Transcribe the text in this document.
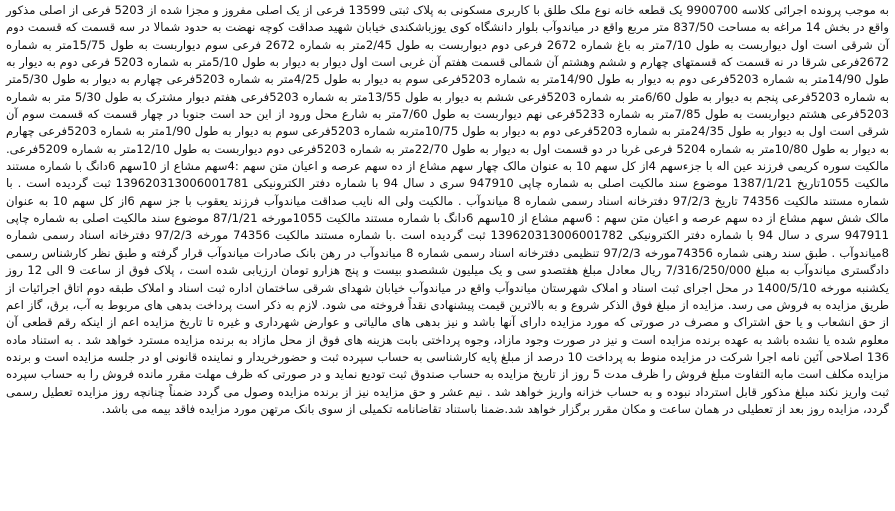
به موجب پرونده اجرائی کلاسه 9900700 یک قطعه خانه نوع ملک طلق با کاربری مسکونی به پلاک ثبتی 13599 فرعی از یک اصلی مفروز و مجزا شده از 5203 فرعی از اصلی مذکور واقع در بخش 14 مراغه به مساحت 837/50 متر مربع واقع در میاندوآب بلوار دانشگاه کوی یوزباشکندی خیابان شهید صداقت کوچه نهضت به حدود شمالا در سه قسمت که قسمت دوم آن شرقی است اول دیواربست به طول 7/10متر به باغ شماره 2672 فرعی دوم دیواربست به طول 2/45متر به شماره 2672 فرعی سوم دیواربست به طول 15/75متر به شماره 2672فرعی شرقا در نه قسمت که قسمتهای چهارم و ششم وهشتم آن شمالی قسمت هفتم آن غربی است اول دیوار به دیوار به طول 5/10متر به شماره 5203 فرعی دوم به دیوار به طول 14/90متر به شماره 5203فرعی دوم به دیوار به طول 14/90متر به شماره 5203فرعی سوم به دیوار به طول 4/25متر به شماره 5203فرعی چهارم به دیوار به طول 5/30متر به شماره 5203فرعی پنجم به دیوار به طول 6/60متر به شماره 5203فرعی ششم به دیوار به طول 13/55متر به شماره 5203فرعی هفتم دیوار مشترک به طول 5/30 متر به شماره 5203فرعی هشتم دیواربست به طول 7/85متر به شماره 5233فرعی نهم دیواربست به طول 7/60متر به شارع محل ورود از این حد است جنوبا در چهار قسمت که قسمت سوم آن شرقی است اول به دیوار به طول 24/35متر به شماره 5203فرعی دوم به دیوار به طول 10/75متربه شماره 5203فرعی سوم به دیوار به طول 1/90متر به شماره 5203فرعی چهارم به دیوار به طول 10/80متر به شماره 5204 فرعی غربا در دو قسمت اول به دیوار به طول 22/70متر به شماره 5203فرعی دوم دیواربست به طول 12/10متر به شماره 5209فرعی. مالکیت سوره کریمی فرزند عین اله با جزءسهم 4از کل سهم 10 به عنوان مالک چهار سهم مشاع از ده سهم عرصه و اعیان متن سهم :4سهم مشاع از 10سهم 6دانگ با شماره مستند مالکیت 1055تاریخ 1387/1/21 موضوع سند مالکیت اصلی به شماره چاپی 947910 سری د سال 94 با شماره دفتر الکترونیکی 139620313006001781 ثبت گردیده است . با شماره مستند مالکیت 74356 تاریخ 97/2/3 دفترخانه اسناد رسمی شماره 8 میاندوآب . مالکیت ولی اله نایب صداقت میاندوآب فرزند یعقوب با جز سهم 6از کل سهم 10 به عنوان مالک شش سهم مشاع از ده سهم عرصه و اعیان متن سهم : 6سهم مشاع از 10سهم 6دانگ با شماره مستند مالکیت 1055مورخه 87/1/21 موضوع سند مالکیت اصلی به شماره چاپی 947911 سری د سال 94 با شماره دفتر الکترونیکی 139620313006001782 ثبت گردیده است .با شماره مستند مالکیت 74356 مورخه 97/2/3 دفترخانه اسناد رسمی شماره 8میاندوآب . طبق سند رهنی شماره 74356مورخه 97/2/3 تنظیمی دفترخانه اسناد رسمی شماره 8 میاندوآب در رهن بانک صادرات میاندوآب قرار گرفته و طبق نظر کارشناس رسمی دادگستری میاندوآب به مبلغ 7/316/250/000 ریال معادل مبلغ هفتصدو سی و یک میلیون ششصدو بیست و پنج هزارو تومان ارزیابی شده است ، پلاک فوق از ساعت 9 الی 12 روز یکشنبه مورخه 1400/5/10 در محل اجرای ثبت اسناد و املاک شهرستان میاندوآب واقع در میاندوآب خیابان شهدای شرقی ساختمان اداره ثبت اسناد و املاک طبقه دوم اتاق اجرائیات از طریق مزایده به فروش می رسد. مزایده از مبلغ فوق الذکر شروع و به بالاترین قیمت پیشنهادی نقداً فروخته می شود. لازم به ذکر است پرداخت بدهی های مربوط به آب، برق، گاز اعم از حق انشعاب و یا حق اشتراک و مصرف در صورتی که مورد مزایده دارای آنها باشد و نیز بدهی های مالیاتی و عوارض شهرداری و غیره تا تاریخ مزایده اعم از اینکه رقم قطعی آن معلوم شده یا نشده باشد به عهده برنده مزایده است و نیز در صورت وجود مازاد، وجوه پرداختی بابت هزینه های فوق از محل مازاد به برنده مزایده مسترد خواهد شد . به استناد ماده 136 اصلاحی آئین نامه اجرا شرکت در مزایده منوط به پرداخت 10 درصد از مبلغ پایه کارشناسی به حساب سپرده ثبت و حضورخریدار و نماینده قانونی او در جلسه مزایده است و برنده مزایده مکلف است مابه التفاوت مبلغ فروش را ظرف مدت 5 روز از تاریخ مزایده به حساب صندوق ثبت تودیع نماید و در صورتی که ظرف مهلت مقرر مانده فروش را به حساب سپرده ثبت واریز نکند مبلغ مذکور قابل استرداد نبوده و به حساب خزانه واریز خواهد شد . نیم عشر و حق مزایده نیز از برنده مزایده وصول می گردد ضمناً چنانچه روز مزایده تعطیل رسمی گردد، مزایده روز بعد از تعطیلی در همان ساعت و مکان مقرر برگزار خواهد شد.ضمنا باستناد تقاضانامه تکمیلی از سوی بانک مرتهن مورد مزایده فاقد بیمه می باشد.
